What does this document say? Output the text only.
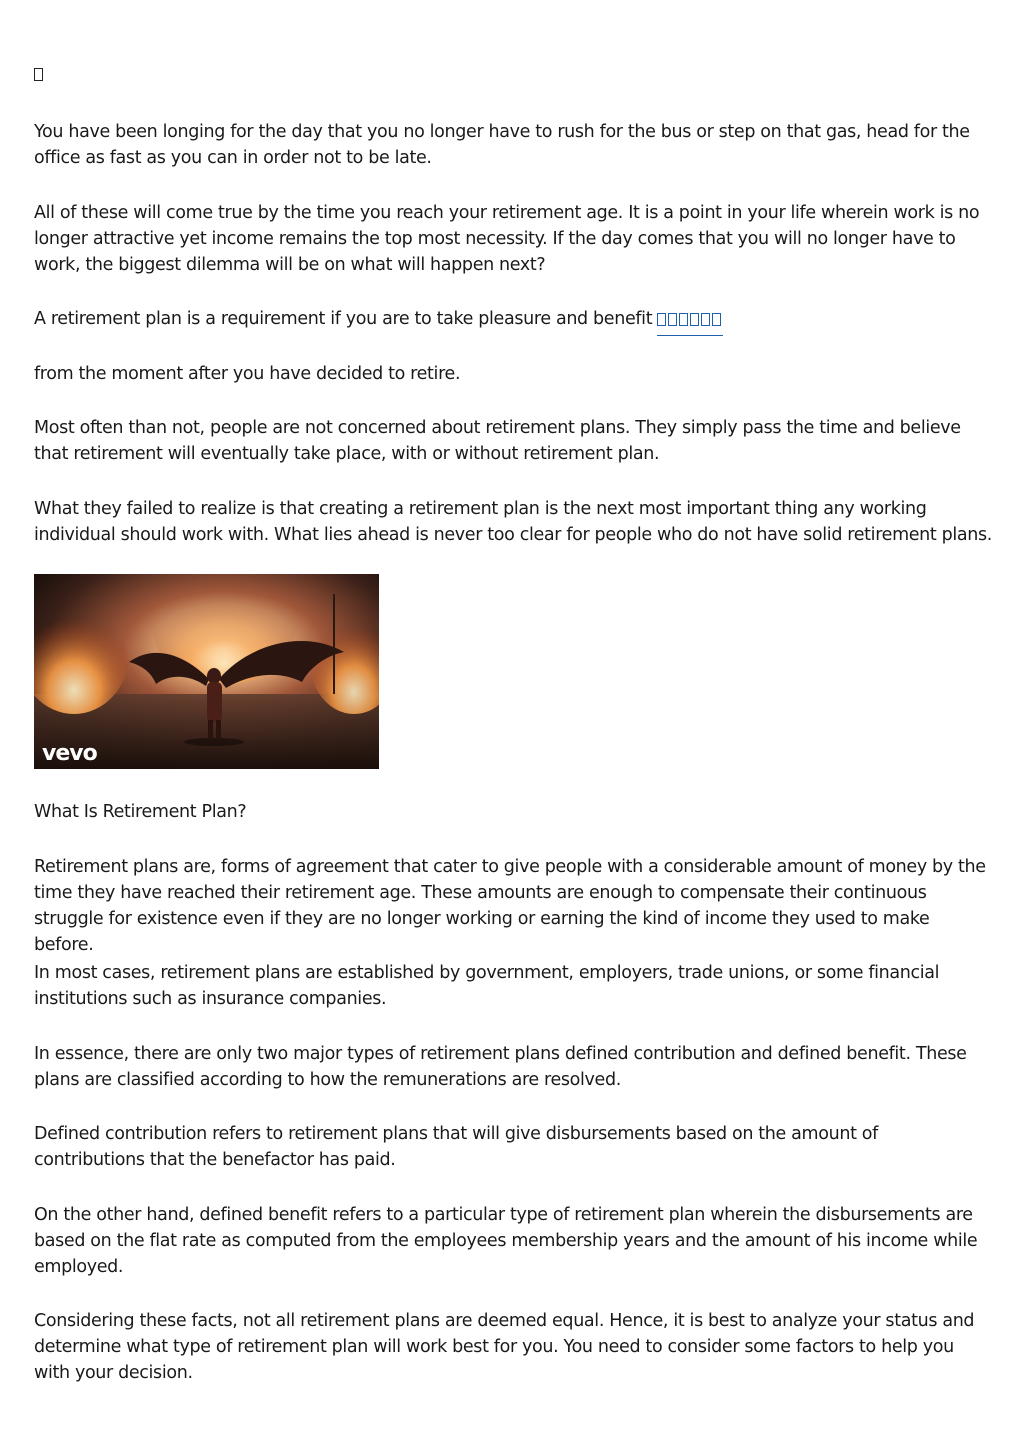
You have been longing for the day that you no longer have to rush for the bus or step on that gas, head for the office as fast as you can in order not to be late.

All of these will come true by the time you reach your retirement age. It is a point in your life wherein work is no longer attractive yet income remains the top most necessity. If the day comes that you will no longer have to work, the biggest dilemma will be on what will happen next?

A retirement plan is a requirement if you are to take pleasure and benefit

from the moment after you have decided to retire.

Most often than not, people are not concerned about retirement plans. They simply pass the time and believe that retirement will eventually take place, with or without retirement plan.

What they failed to realize is that creating a retirement plan is the next most important thing any working individual should work with. What lies ahead is never too clear for people who do not have solid retirement plans.

vevo

What Is Retirement Plan?

Retirement plans are, forms of agreement that cater to give people with a considerable amount of money by the time they have reached their retirement age. These amounts are enough to compensate their continuous struggle for existence even if they are no longer working or earning the kind of income they used to make before.

In most cases, retirement plans are established by government, employers, trade unions, or some financial institutions such as insurance companies.

In essence, there are only two major types of retirement plans defined contribution and defined benefit. These plans are classified according to how the remunerations are resolved.

Defined contribution refers to retirement plans that will give disbursements based on the amount of contributions that the benefactor has paid.

On the other hand, defined benefit refers to a particular type of retirement plan wherein the disbursements are based on the flat rate as computed from the employees membership years and the amount of his income while employed.

Considering these facts, not all retirement plans are deemed equal. Hence, it is best to analyze your status and determine what type of retirement plan will work best for you. You need to consider some factors to help you with your decision.
